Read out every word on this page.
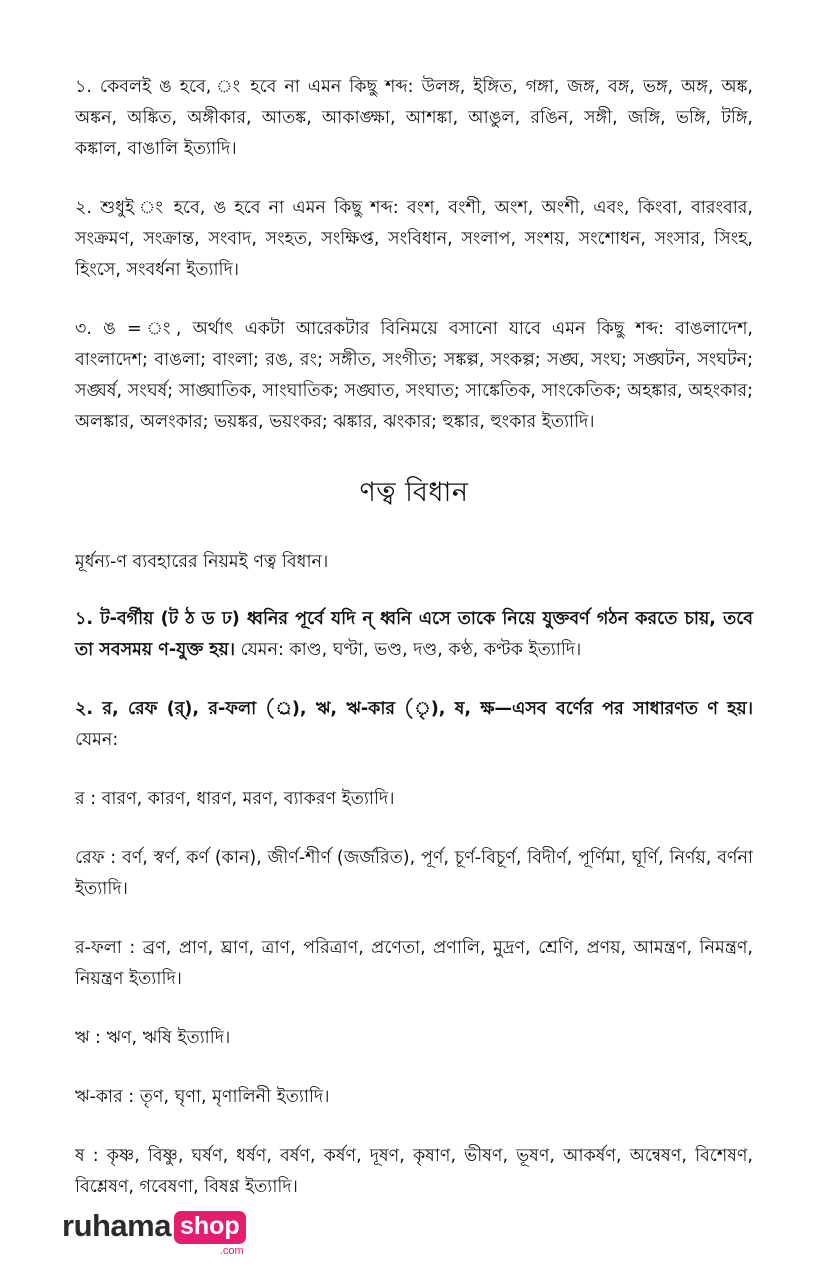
১. কেবলই ঙ হবে, ং হবে না এমন কিছু শব্দ: উলঙ্গ, ইঙ্গিত, গঙ্গা, জঙ্গ, বঙ্গ, ভঙ্গ, অঙ্গ, অঙ্ক, অঙ্কন, অঙ্কিত, অঙ্গীকার, আতঙ্ক, আকাঙ্ক্ষা, আশঙ্কা, আঙুল, রঙিন, সঙ্গী, জঙ্গি, ভঙ্গি, টঙ্গি, কঙ্কাল, বাঙালি ইত্যাদি।

২. শুধুই ং হবে, ঙ হবে না এমন কিছু শব্দ: বংশ, বংশী, অংশ, অংশী, এবং, কিংবা, বারংবার, সংক্রমণ, সংক্রান্ত, সংবাদ, সংহত, সংক্ষিপ্ত, সংবিধান, সংলাপ, সংশয়, সংশোধন, সংসার, সিংহ, হিংসে, সংবর্ধনা ইত্যাদি।

৩. ঙ = ং, অর্থাৎ একটা আরেকটার বিনিময়ে বসানো যাবে এমন কিছু শব্দ: বাঙলাদেশ, বাংলাদেশ; বাঙলা; বাংলা; রঙ, রং; সঙ্গীত, সংগীত; সঙ্কল্প, সংকল্প; সঙ্ঘ, সংঘ; সঙ্ঘটন, সংঘটন; সঙ্ঘর্ষ, সংঘর্ষ; সাঙ্ঘাতিক, সাংঘাতিক; সঙ্ঘাত, সংঘাত; সাঙ্কেতিক, সাংকেতিক; অহঙ্কার, অহংকার; অলঙ্কার, অলংকার; ভয়ঙ্কর, ভয়ংকর; ঝঙ্কার, ঝংকার; হুঙ্কার, হুংকার ইত্যাদি।

ণত্ব বিধান

মূর্ধন্য-ণ ব্যবহারের নিয়মই ণত্ব বিধান।

১. ট-বর্গীয় (ট ঠ ড ঢ) ধ্বনির পূর্বে যদি ন্ ধ্বনি এসে তাকে নিয়ে যুক্তবর্ণ গঠন করতে চায়, তবে তা সবসময় ণ-যুক্ত হয়। যেমন: কাণ্ড, ঘণ্টা, ভণ্ড, দণ্ড, কণ্ঠ, কণ্টক ইত্যাদি।

২. র, রেফ (র্), র-ফলা (্র), ঋ, ঋ-কার (ৃ), ষ, ক্ষ—এসব বর্ণের পর সাধারণত ণ হয়। যেমন:

র : বারণ, কারণ, ধারণ, মরণ, ব্যাকরণ ইত্যাদি।

রেফ : বর্ণ, স্বর্ণ, কর্ণ (কান), জীর্ণ-শীর্ণ (জর্জরিত), পূর্ণ, চূর্ণ-বিচূর্ণ, বিদীর্ণ, পূর্ণিমা, ঘূর্ণি, নির্ণয়, বর্ণনা ইত্যাদি।

র-ফলা : ব্রণ, প্রাণ, ঘ্রাণ, ত্রাণ, পরিত্রাণ, প্রণেতা, প্রণালি, মুদ্রণ, শ্রেণি, প্রণয়, আমন্ত্রণ, নিমন্ত্রণ, নিয়ন্ত্রণ ইত্যাদি।

ঋ : ঋণ, ঋষি ইত্যাদি।

ঋ-কার : তৃণ, ঘৃণা, মৃণালিনী ইত্যাদি।

ষ : কৃষ্ণ, বিষ্ণু, ঘর্ষণ, ধর্ষণ, বর্ষণ, কর্ষণ, দূষণ, কৃষাণ, ভীষণ, ভূষণ, আকর্ষণ, অন্বেষণ, বিশেষণ, বিশ্লেষণ, গবেষণা, বিষণ্ণ ইত্যাদি।

ruhama shop
.com
